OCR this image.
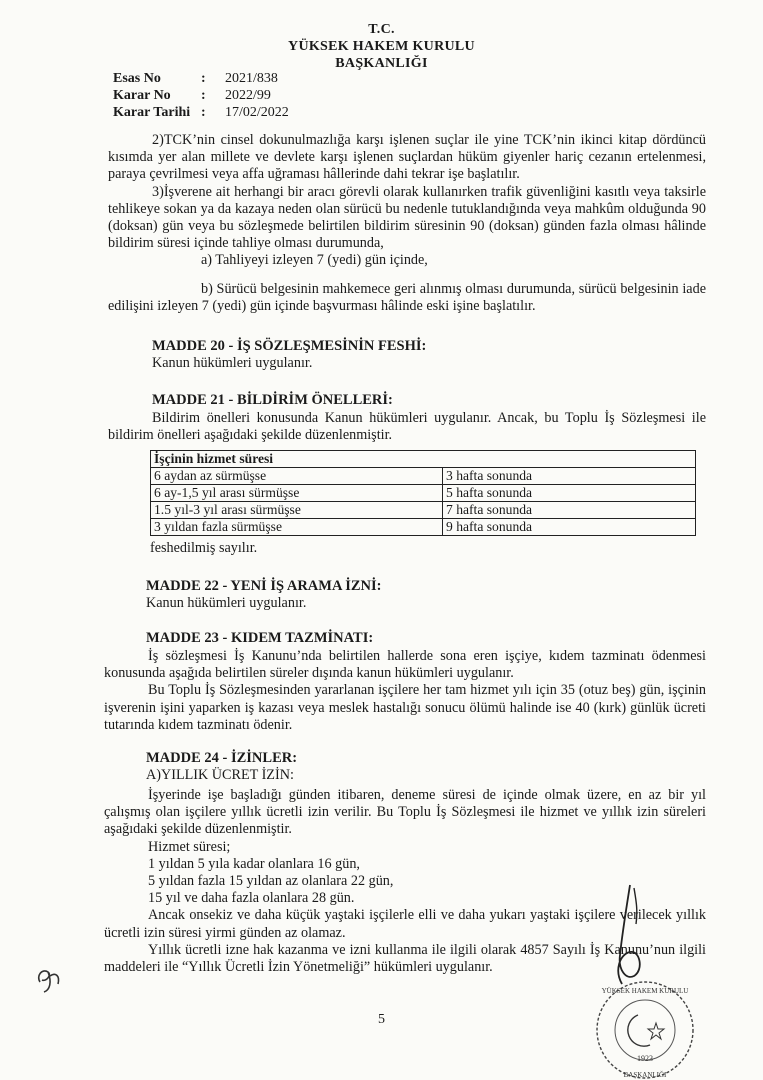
T.C.
YÜKSEK HAKEM KURULU
BAŞKANLIĞI
Esas No	: 2021/838
Karar No : 2022/99
Karar Tarihi : 17/02/2022

2)TCK’nin cinsel dokunulmazlığa karşı işlenen suçlar ile yine TCK’nin ikinci kitap dördüncü kısımda yer alan millete ve devlete karşı işlenen suçlardan hüküm giyenler hariç cezanın ertelenmesi, paraya çevrilmesi veya affa uğraması hâllerinde dahi tekrar işe başlatılır.

3)İşverene ait herhangi bir aracı görevli olarak kullanırken trafik güvenliğini kasıtlı veya taksirle tehlikeye sokan ya da kazaya neden olan sürücü bu nedenle tutuklandığında veya mahkûm olduğunda 90 (doksan) gün veya bu sözleşmede belirtilen bildirim süresinin 90 (doksan) günden fazla olması hâlinde bildirim süresi içinde tahliye olması durumunda,

a) Tahliyeyi izleyen 7 (yedi) gün içinde,

b) Sürücü belgesinin mahkemece geri alınmış olması durumunda, sürücü belgesinin iade edilişini izleyen 7 (yedi) gün içinde başvurması hâlinde eski işine başlatılır.

MADDE 20 - İŞ SÖZLEŞMESİNİN FESHİ:
Kanun hükümleri uygulanır.
MADDE 21 - BİLDİRİM ÖNELLERİ:

Bildirim önelleri konusunda Kanun hükümleri uygulanır. Ancak, bu Toplu İş Sözleşmesi ile bildirim önelleri aşağıdaki şekilde düzenlenmiştir.

İşçinin hizmet süresi	
6 aydan az sürmüşse	3 hafta sonunda
6 ay-1,5 yıl arası sürmüşse	5 hafta sonunda
1.5 yıl-3 yıl arası sürmüşse	7 hafta sonunda
3 yıldan fazla sürmüşse	9 hafta sonunda
feshedilmiş sayılır.
MADDE 22 - YENİ İŞ ARAMA İZNİ:
Kanun hükümleri uygulanır.
MADDE 23 - KIDEM TAZMİNATI:

İş sözleşmesi İş Kanunu’nda belirtilen hallerde sona eren işçiye, kıdem tazminatı ödenmesi konusunda aşağıda belirtilen süreler dışında kanun hükümleri uygulanır.

Bu Toplu İş Sözleşmesinden yararlanan işçilere her tam hizmet yılı için 35 (otuz beş) gün, işçinin işverenin işini yaparken iş kazası veya meslek hastalığı sonucu ölümü halinde ise 40 (kırk) günlük ücreti tutarında kıdem tazminatı ödenir.

MADDE 24 - İZİNLER:
A)YILLIK ÜCRET İZİN:

İşyerinde işe başladığı günden itibaren, deneme süresi de içinde olmak üzere, en az bir yıl çalışmış olan işçilere yıllık ücretli izin verilir. Bu Toplu İş Sözleşmesi ile hizmet ve yıllık izin süreleri aşağıdaki şekilde düzenlenmiştir.

Hizmet süresi;

1 yıldan 5 yıla kadar olanlara 16 gün,

5 yıldan fazla 15 yıldan az olanlara 22 gün,

15 yıl ve daha fazla olanlara 28 gün.

Ancak onsekiz ve daha küçük yaştaki işçilerle elli ve daha yukarı yaştaki işçilere verilecek yıllık ücretli izin süresi yirmi günden az olamaz.

Yıllık ücretli izne hak kazanma ve izni kullanma ile ilgili olarak 4857 Sayılı İş Kanunu’nun ilgili maddeleri ile “Yıllık Ücretli İzin Yönetmeliği” hükümleri uygulanır.

5
1923
YÜKSEK HAKEM KURULU
BAŞKANLIĞI
